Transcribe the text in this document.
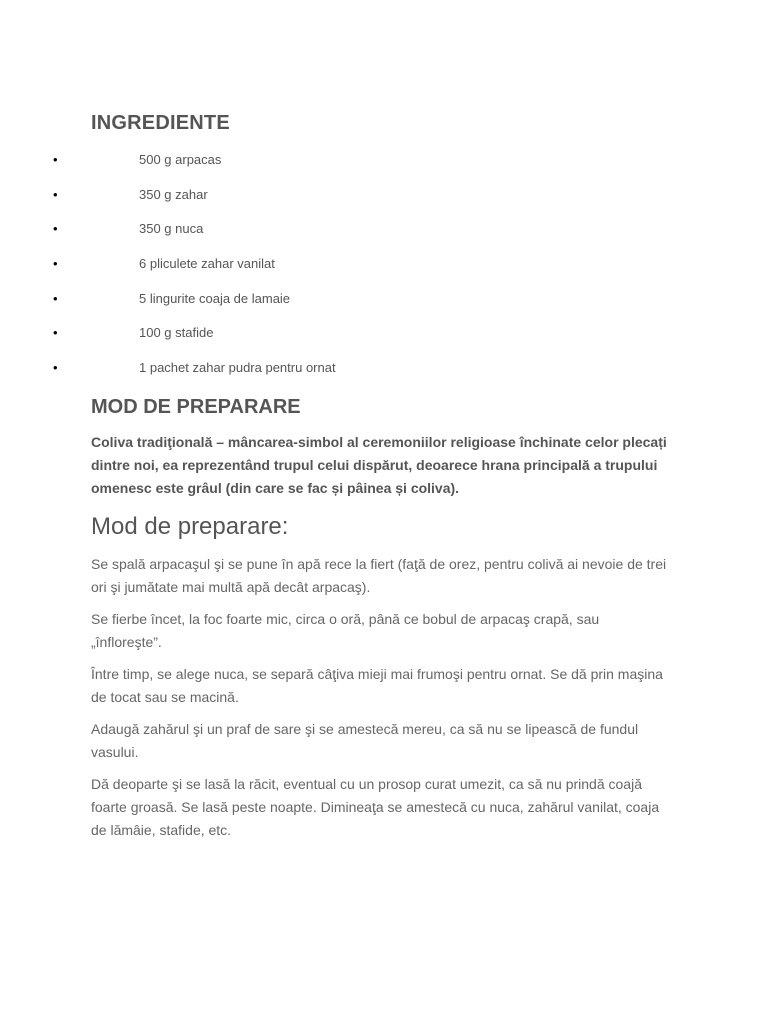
INGREDIENTE
•	500 g arpacas
•	350 g zahar
•	350 g nuca
•	6 pliculete zahar vanilat
•	5 lingurite coaja de lamaie
•	100 g stafide
•	1 pachet zahar pudra pentru ornat
MOD DE PREPARARE

Coliva tradiţională – mâncarea-simbol al ceremoniilor religioase închinate celor plecați dintre noi, ea reprezentând trupul celui dispărut, deoarece hrana principală a trupului omenesc este grâul (din care se fac și pâinea și coliva).

Mod de preparare:

Se spală arpacaşul şi se pune în apă rece la fiert (faţă de orez, pentru colivă ai nevoie de trei ori şi jumătate mai multă apă decât arpacaş).

Se fierbe încet, la foc foarte mic, circa o oră, până ce bobul de arpacaş crapă, sau „înfloreşte”.

Între timp, se alege nuca, se separă câţiva mieji mai frumoşi pentru ornat. Se dă prin maşina de tocat sau se macină.

Adaugă zahărul şi un praf de sare şi se amestecă mereu, ca să nu se lipească de fundul vasului.

Dă deoparte şi se lasă la răcit, eventual cu un prosop curat umezit, ca să nu prindă coajă foarte groasă. Se lasă peste noapte. Dimineaţa se amestecă cu nuca, zahărul vanilat, coaja de lămâie, stafide, etc.
